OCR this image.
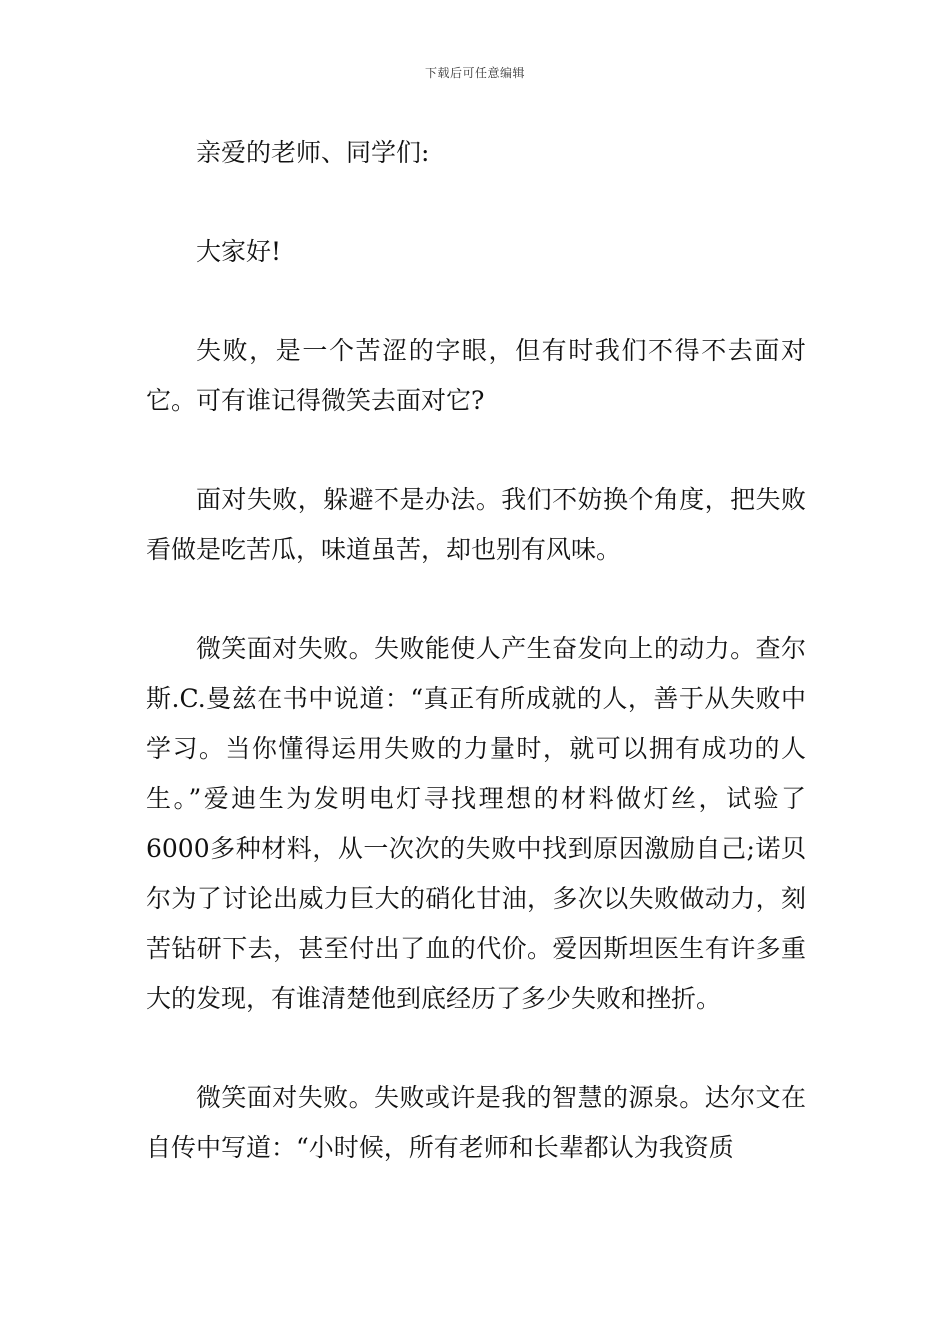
下载后可任意编辑

亲爱的老师、同学们:

大家好!

失败，是一个苦涩的字眼，但有时我们不得不去面对它。可有谁记得微笑去面对它?

面对失败，躲避不是办法。我们不妨换个角度，把失败看做是吃苦瓜，味道虽苦，却也别有风味。

微笑面对失败。失败能使人产生奋发向上的动力。查尔斯.C.曼兹在书中说道：“真正有所成就的人，善于从失败中学习。当你懂得运用失败的力量时，就可以拥有成功的人生。”爱迪生为发明电灯寻找理想的材料做灯丝，试验了6000多种材料，从一次次的失败中找到原因激励自己;诺贝尔为了讨论出威力巨大的硝化甘油，多次以失败做动力，刻苦钻研下去，甚至付出了血的代价。爱因斯坦医生有许多重大的发现，有谁清楚他到底经历了多少失败和挫折。

微笑面对失败。失败或许是我的智慧的源泉。达尔文在自传中写道：“小时候，所有老师和长辈都认为我资质
